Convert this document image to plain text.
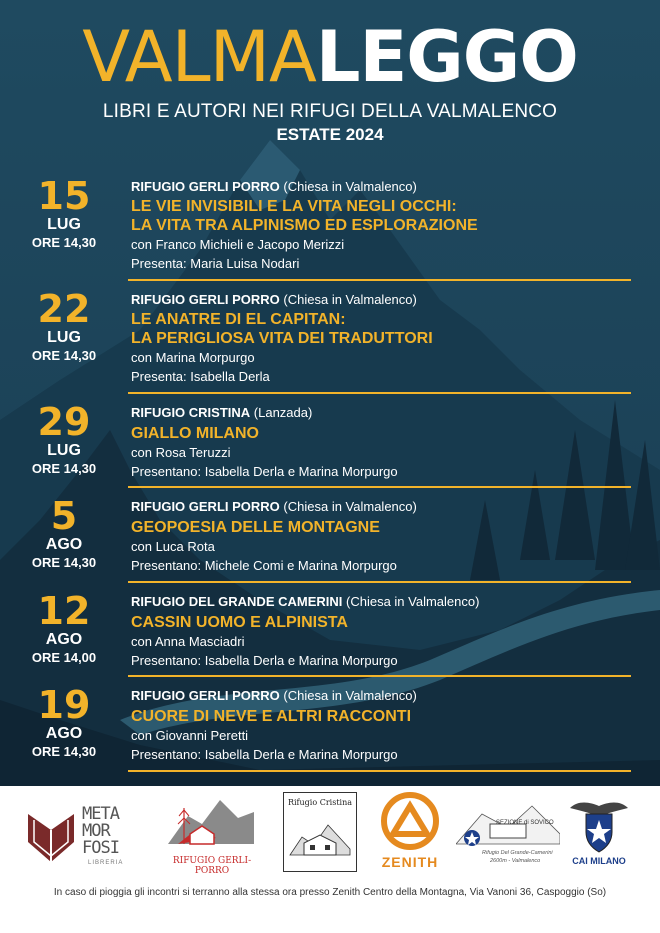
VALMALEGGO
LIBRI E AUTORI NEI RIFUGI DELLA VALMALENCO
ESTATE 2024
15
LUG
ORE 14,30
RIFUGIO GERLI PORRO (Chiesa in Valmalenco)
LE VIE INVISIBILI E LA VITA NEGLI OCCHI:
LA VITA TRA ALPINISMO ED ESPLORAZIONE
con Franco Michieli e Jacopo Merizzi
Presenta: Maria Luisa Nodari
22
LUG
ORE 14,30
RIFUGIO GERLI PORRO (Chiesa in Valmalenco)
LE ANATRE DI EL CAPITAN:
LA PERIGLIOSA VITA DEI TRADUTTORI
con Marina Morpurgo
Presenta: Isabella Derla
29
LUG
ORE 14,30
RIFUGIO CRISTINA (Lanzada)
GIALLO MILANO
con Rosa Teruzzi
Presentano: Isabella Derla e Marina Morpurgo
5
AGO
ORE 14,30
RIFUGIO GERLI PORRO (Chiesa in Valmalenco)
GEOPOESIA DELLE MONTAGNE
con Luca Rota
Presentano: Michele Comi e Marina Morpurgo
12
AGO
ORE 14,00
RIFUGIO DEL GRANDE CAMERINI (Chiesa in Valmalenco)
CASSIN UOMO E ALPINISTA
con Anna Masciadri
Presentano: Isabella Derla e Marina Morpurgo
19
AGO
ORE 14,30
RIFUGIO GERLI PORRO (Chiesa in Valmalenco)
CUORE DI NEVE E ALTRI RACCONTI
con Giovanni Peretti
Presentano: Isabella Derla e Marina Morpurgo
META
MOR
FOSI
LIBRERIA	RIFUGIO GERLI-PORRO
Rifugio Cristina
ZENITH
SEZIONE di SOVICO
Rifugio Del Grande-Camerini
2600m - Valmalenco	CAI MILANO
In caso di pioggia gli incontri si terranno alla stessa ora presso Zenith Centro della Montagna, Via Vanoni 36, Caspoggio (So)
